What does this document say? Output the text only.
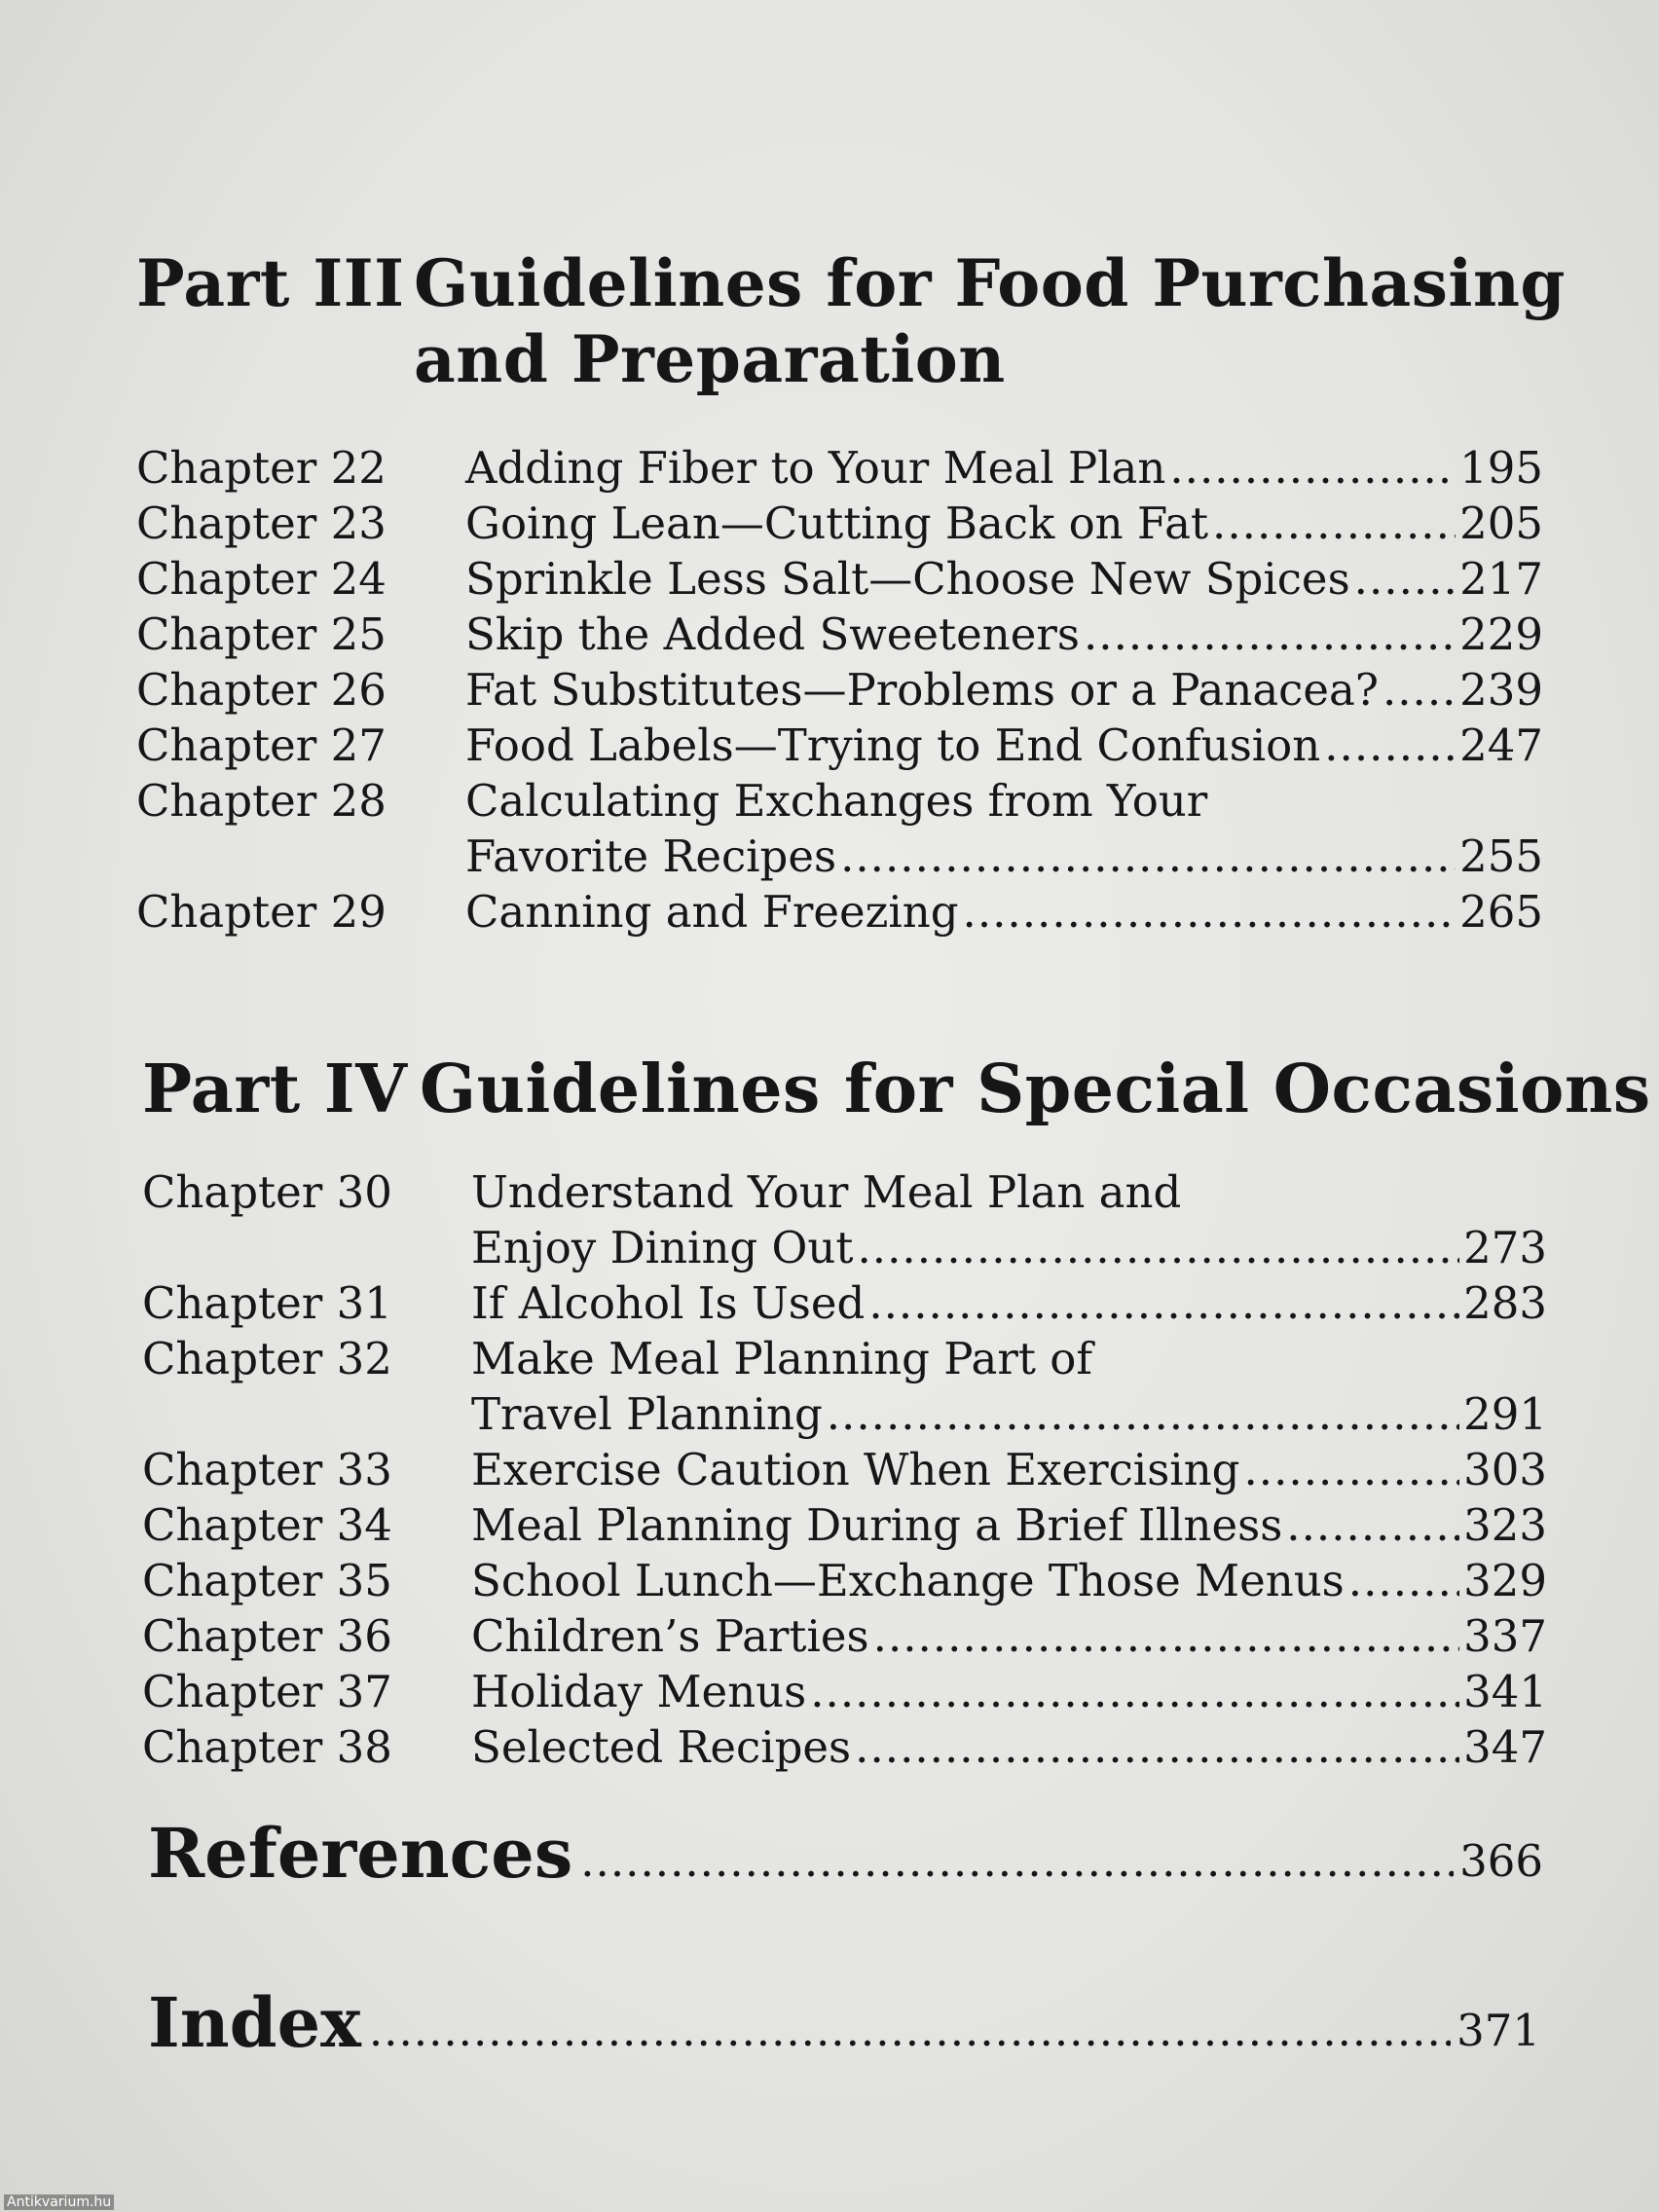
Part III Guidelines for Food Purchasing
and Preparation
Chapter 22	Adding Fiber to Your Meal Plan .....	195
Chapter 23	Going Lean—Cutting Back on Fat .....	205
Chapter 24	Sprinkle Less Salt—Choose New Spices ..... 217
Chapter 25	Skip the Added Sweeteners .....	229
Chapter 26	Fat Substitutes—Problems or a Panacea? ..... 239
Chapter 27	Food Labels—Trying to End Confusion .....	247
Chapter 28	Calculating Exchanges from Your
Favorite Recipes .....	255
Chapter 29	Canning and Freezing .....	265
Part IV Guidelines for Special Occasions
Chapter 30	Understand Your Meal Plan and
Enjoy Dining Out .....	273
Chapter 31	If Alcohol Is Used .....	283
Chapter 32	Make Meal Planning Part of
Travel Planning .....	291
Chapter 33	Exercise Caution When Exercising .....	303
Chapter 34	Meal Planning During a Brief Illness .....	323
Chapter 35	School Lunch—Exchange Those Menus .....	329
Chapter 36	Children’s Parties .....	337
Chapter 37	Holiday Menus .....	341
Chapter 38	Selected Recipes .....	347
References .....	366
Index .....	371
Antikvarium.hu
